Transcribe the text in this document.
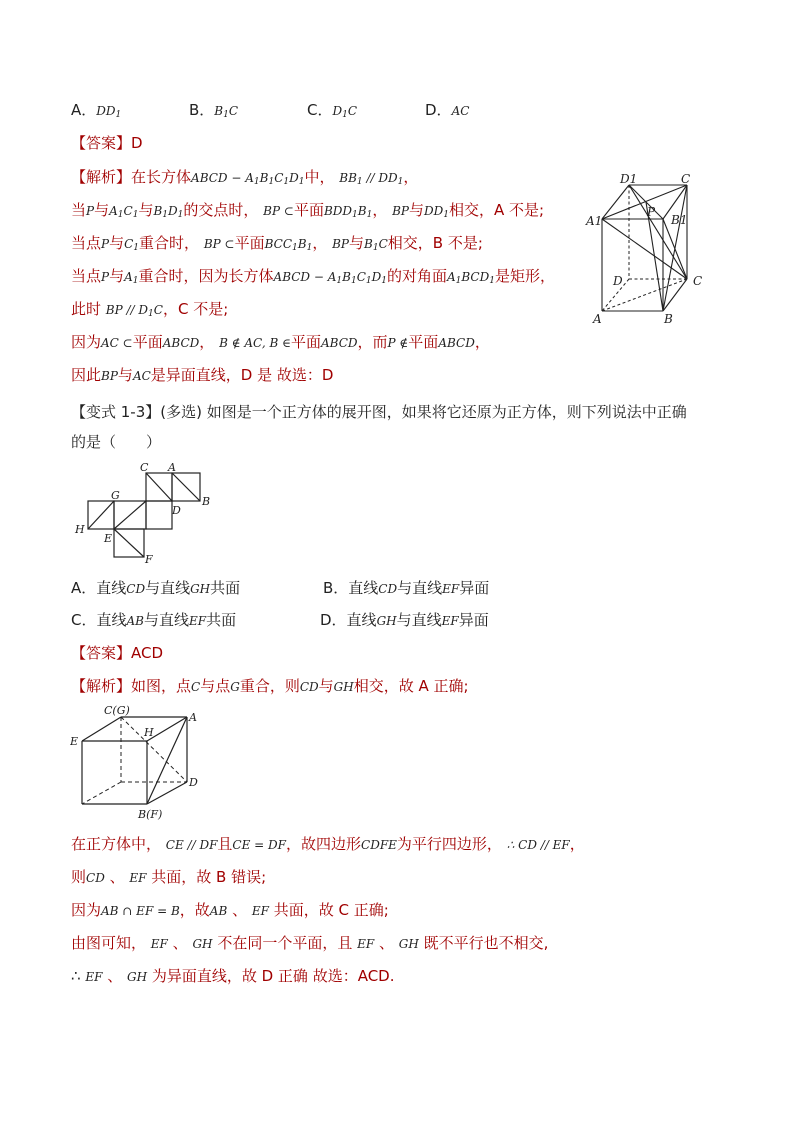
A．DD1	B．B1C	C．D1C	D．AC
【答案】D
【解析】在长方体ABCD − A1B1C1D1中， BB1 // DD1，
当P与A1C1与B1D1的交点时， BP ⊂平面BDD1B1， BP与DD1相交，A 不是;
当点P与C1重合时， BP ⊂平面BCC1B1， BP与B1C相交，B 不是;
当点P与A1重合时，因为长方体ABCD − A1B1C1D1的对角面A1BCD1是矩形，
此时 BP // D1C，C 不是;
因为AC ⊂平面ABCD， B ∉ AC, B ∈平面ABCD，而P ∉平面ABCD，
因此BP与AC是异面直线，D 是 故选：D
D1	C
A1
P
B1
D	C
A	B
【变式 1-3】(多选) 如图是一个正方体的展开图，如果将它还原为正方体，则下列说法中正确
的是（　　）
C A
G
D
B
H
E
F
A．直线CD与直线GH共面	B．直线CD与直线EF异面
C．直线AB与直线EF共面	D．直线GH与直线EF异面
【答案】ACD
【解析】如图，点C与点G重合，则CD与GH相交，故 A 正确;
C(G)
A
E
H
D
B(F)
在正方体中， CE // DF且CE = DF，故四边形CDFE为平行四边形， ∴ CD // EF，
则CD 、 EF 共面，故 B 错误;
因为AB ∩ EF = B，故AB 、 EF 共面，故 C 正确;
由图可知， EF 、 GH 不在同一个平面，且 EF 、 GH 既不平行也不相交,
∴ EF 、 GH 为异面直线，故 D 正确 故选：ACD.
